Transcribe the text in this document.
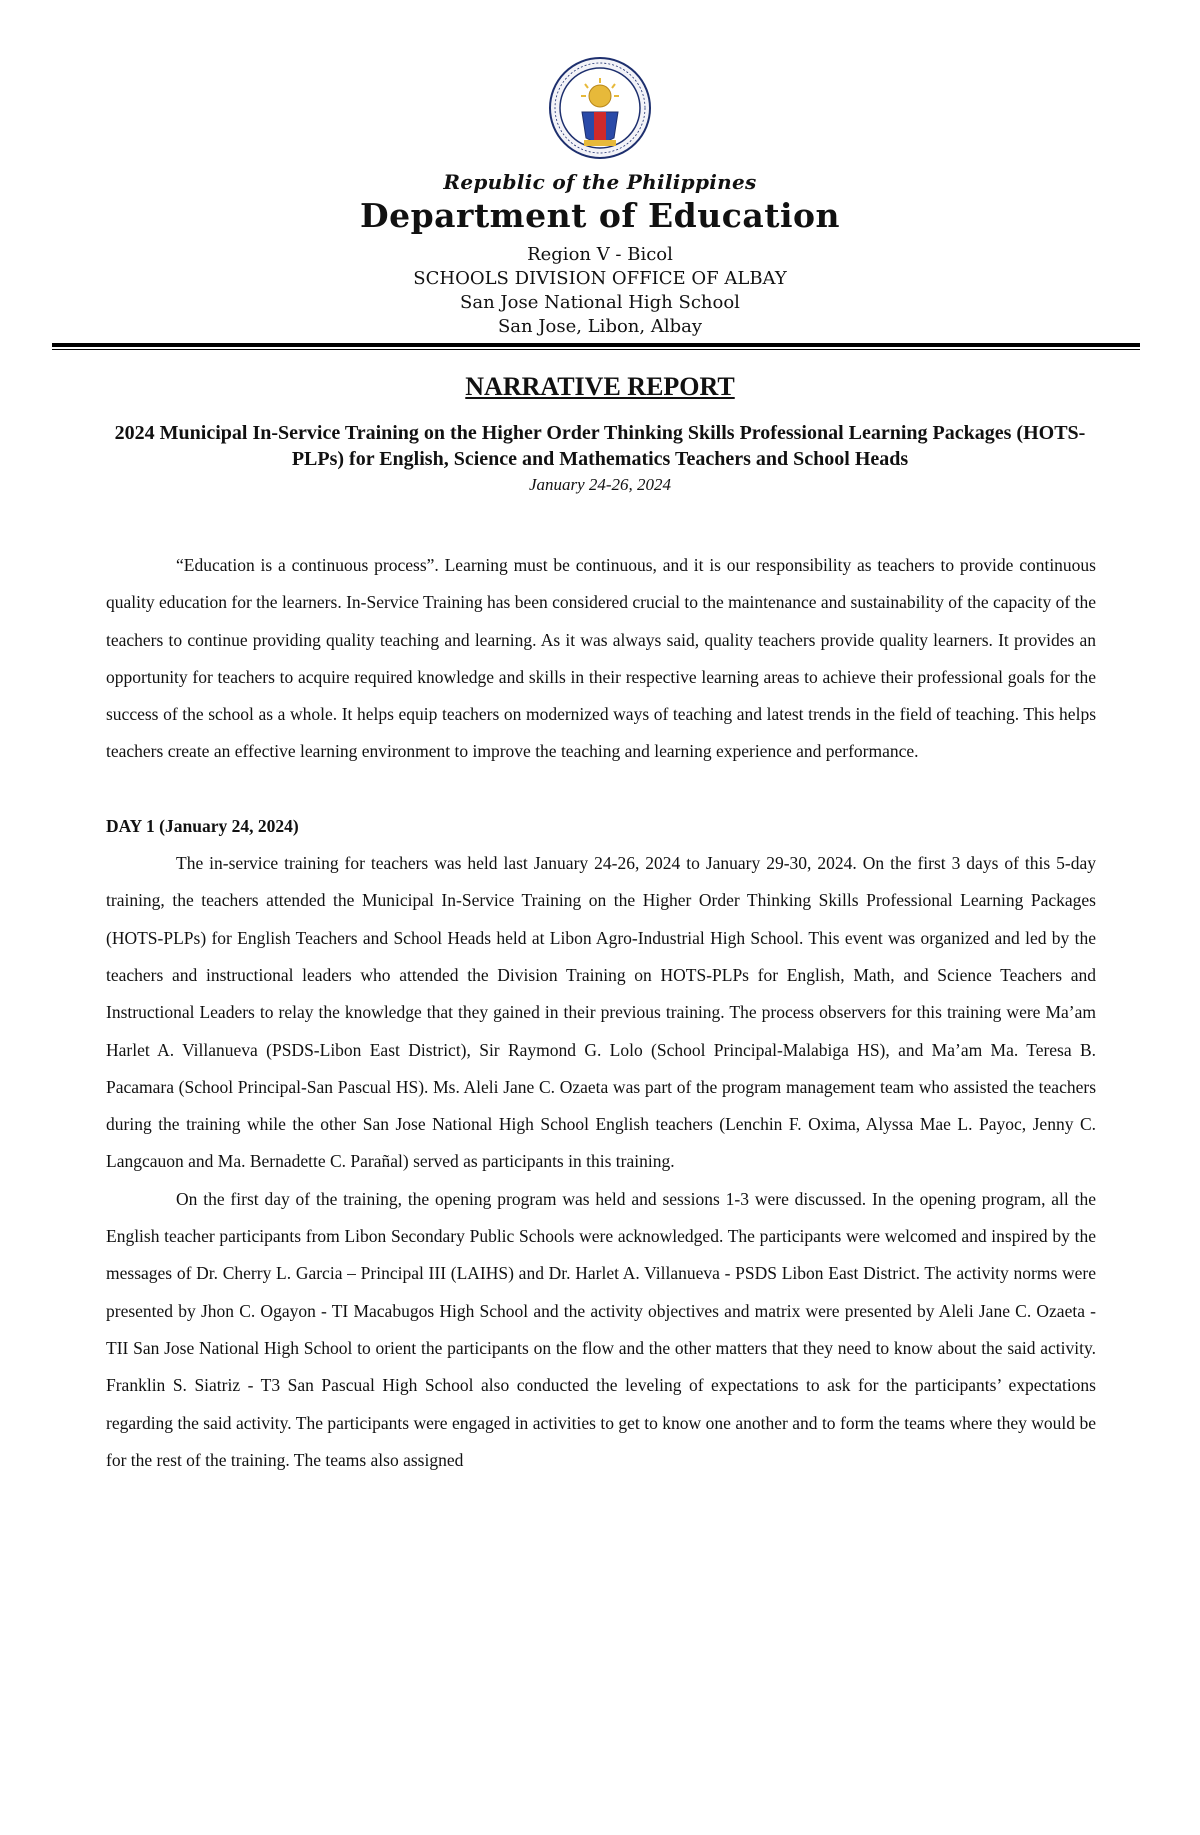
Republic of the Philippines
Department of Education
Region V - Bicol
SCHOOLS DIVISION OFFICE OF ALBAY
San Jose National High School
San Jose, Libon, Albay
NARRATIVE REPORT
2024 Municipal In-Service Training on the Higher Order Thinking Skills Professional Learning Packages (HOTS-PLPs) for English, Science and Mathematics Teachers and School Heads
January 24-26, 2024

“Education is a continuous process”. Learning must be continuous, and it is our responsibility as teachers to provide continuous quality education for the learners. In-Service Training has been considered crucial to the maintenance and sustainability of the capacity of the teachers to continue providing quality teaching and learning. As it was always said, quality teachers provide quality learners. It provides an opportunity for teachers to acquire required knowledge and skills in their respective learning areas to achieve their professional goals for the success of the school as a whole. It helps equip teachers on modernized ways of teaching and latest trends in the field of teaching. This helps teachers create an effective learning environment to improve the teaching and learning experience and performance.

DAY 1 (January 24, 2024)

The in-service training for teachers was held last January 24-26, 2024 to January 29-30, 2024. On the first 3 days of this 5-day training, the teachers attended the Municipal In-Service Training on the Higher Order Thinking Skills Professional Learning Packages (HOTS-PLPs) for English Teachers and School Heads held at Libon Agro-Industrial High School. This event was organized and led by the teachers and instructional leaders who attended the Division Training on HOTS-PLPs for English, Math, and Science Teachers and Instructional Leaders to relay the knowledge that they gained in their previous training. The process observers for this training were Ma’am Harlet A. Villanueva (PSDS-Libon East District), Sir Raymond G. Lolo (School Principal-Malabiga HS), and Ma’am Ma. Teresa B. Pacamara (School Principal-San Pascual HS). Ms. Aleli Jane C. Ozaeta was part of the program management team who assisted the teachers during the training while the other San Jose National High School English teachers (Lenchin F. Oxima, Alyssa Mae L. Payoc, Jenny C. Langcauon and Ma. Bernadette C. Parañal) served as participants in this training.

On the first day of the training, the opening program was held and sessions 1-3 were discussed. In the opening program, all the English teacher participants from Libon Secondary Public Schools were acknowledged. The participants were welcomed and inspired by the messages of Dr. Cherry L. Garcia – Principal III (LAIHS) and Dr. Harlet A. Villanueva - PSDS Libon East District. The activity norms were presented by Jhon C. Ogayon - TI Macabugos High School and the activity objectives and matrix were presented by Aleli Jane C. Ozaeta - TII San Jose National High School to orient the participants on the flow and the other matters that they need to know about the said activity. Franklin S. Siatriz - T3 San Pascual High School also conducted the leveling of expectations to ask for the participants’ expectations regarding the said activity. The participants were engaged in activities to get to know one another and to form the teams where they would be for the rest of the training. The teams also assigned
